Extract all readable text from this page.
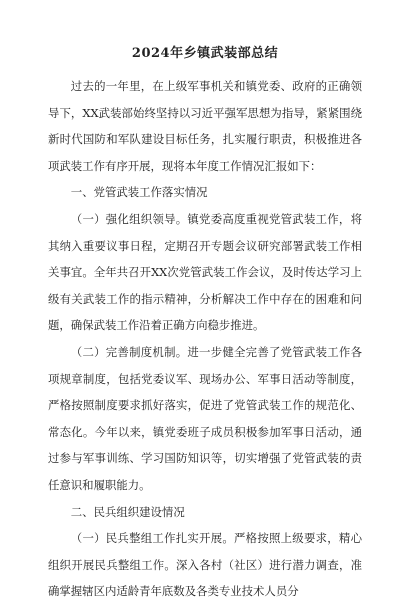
2024年乡镇武装部总结

过去的一年里，在上级军事机关和镇党委、政府的正确领导下，XX武装部始终坚持以习近平强军思想为指导，紧紧围绕新时代国防和军队建设目标任务，扎实履行职责，积极推进各项武装工作有序开展，现将本年度工作情况汇报如下：

一、党管武装工作落实情况

（一）强化组织领导。镇党委高度重视党管武装工作，将其纳入重要议事日程，定期召开专题会议研究部署武装工作相关事宜。全年共召开XX次党管武装工作会议，及时传达学习上级有关武装工作的指示精神，分析解决工作中存在的困难和问题，确保武装工作沿着正确方向稳步推进。

（二）完善制度机制。进一步健全完善了党管武装工作各项规章制度，包括党委议军、现场办公、军事日活动等制度，严格按照制度要求抓好落实，促进了党管武装工作的规范化、常态化。今年以来，镇党委班子成员积极参加军事日活动，通过参与军事训练、学习国防知识等，切实增强了党管武装的责任意识和履职能力。

二、民兵组织建设情况

（一）民兵整组工作扎实开展。严格按照上级要求，精心组织开展民兵整组工作。深入各村（社区）进行潜力调查，准确掌握辖区内适龄青年底数及各类专业技术人员分
